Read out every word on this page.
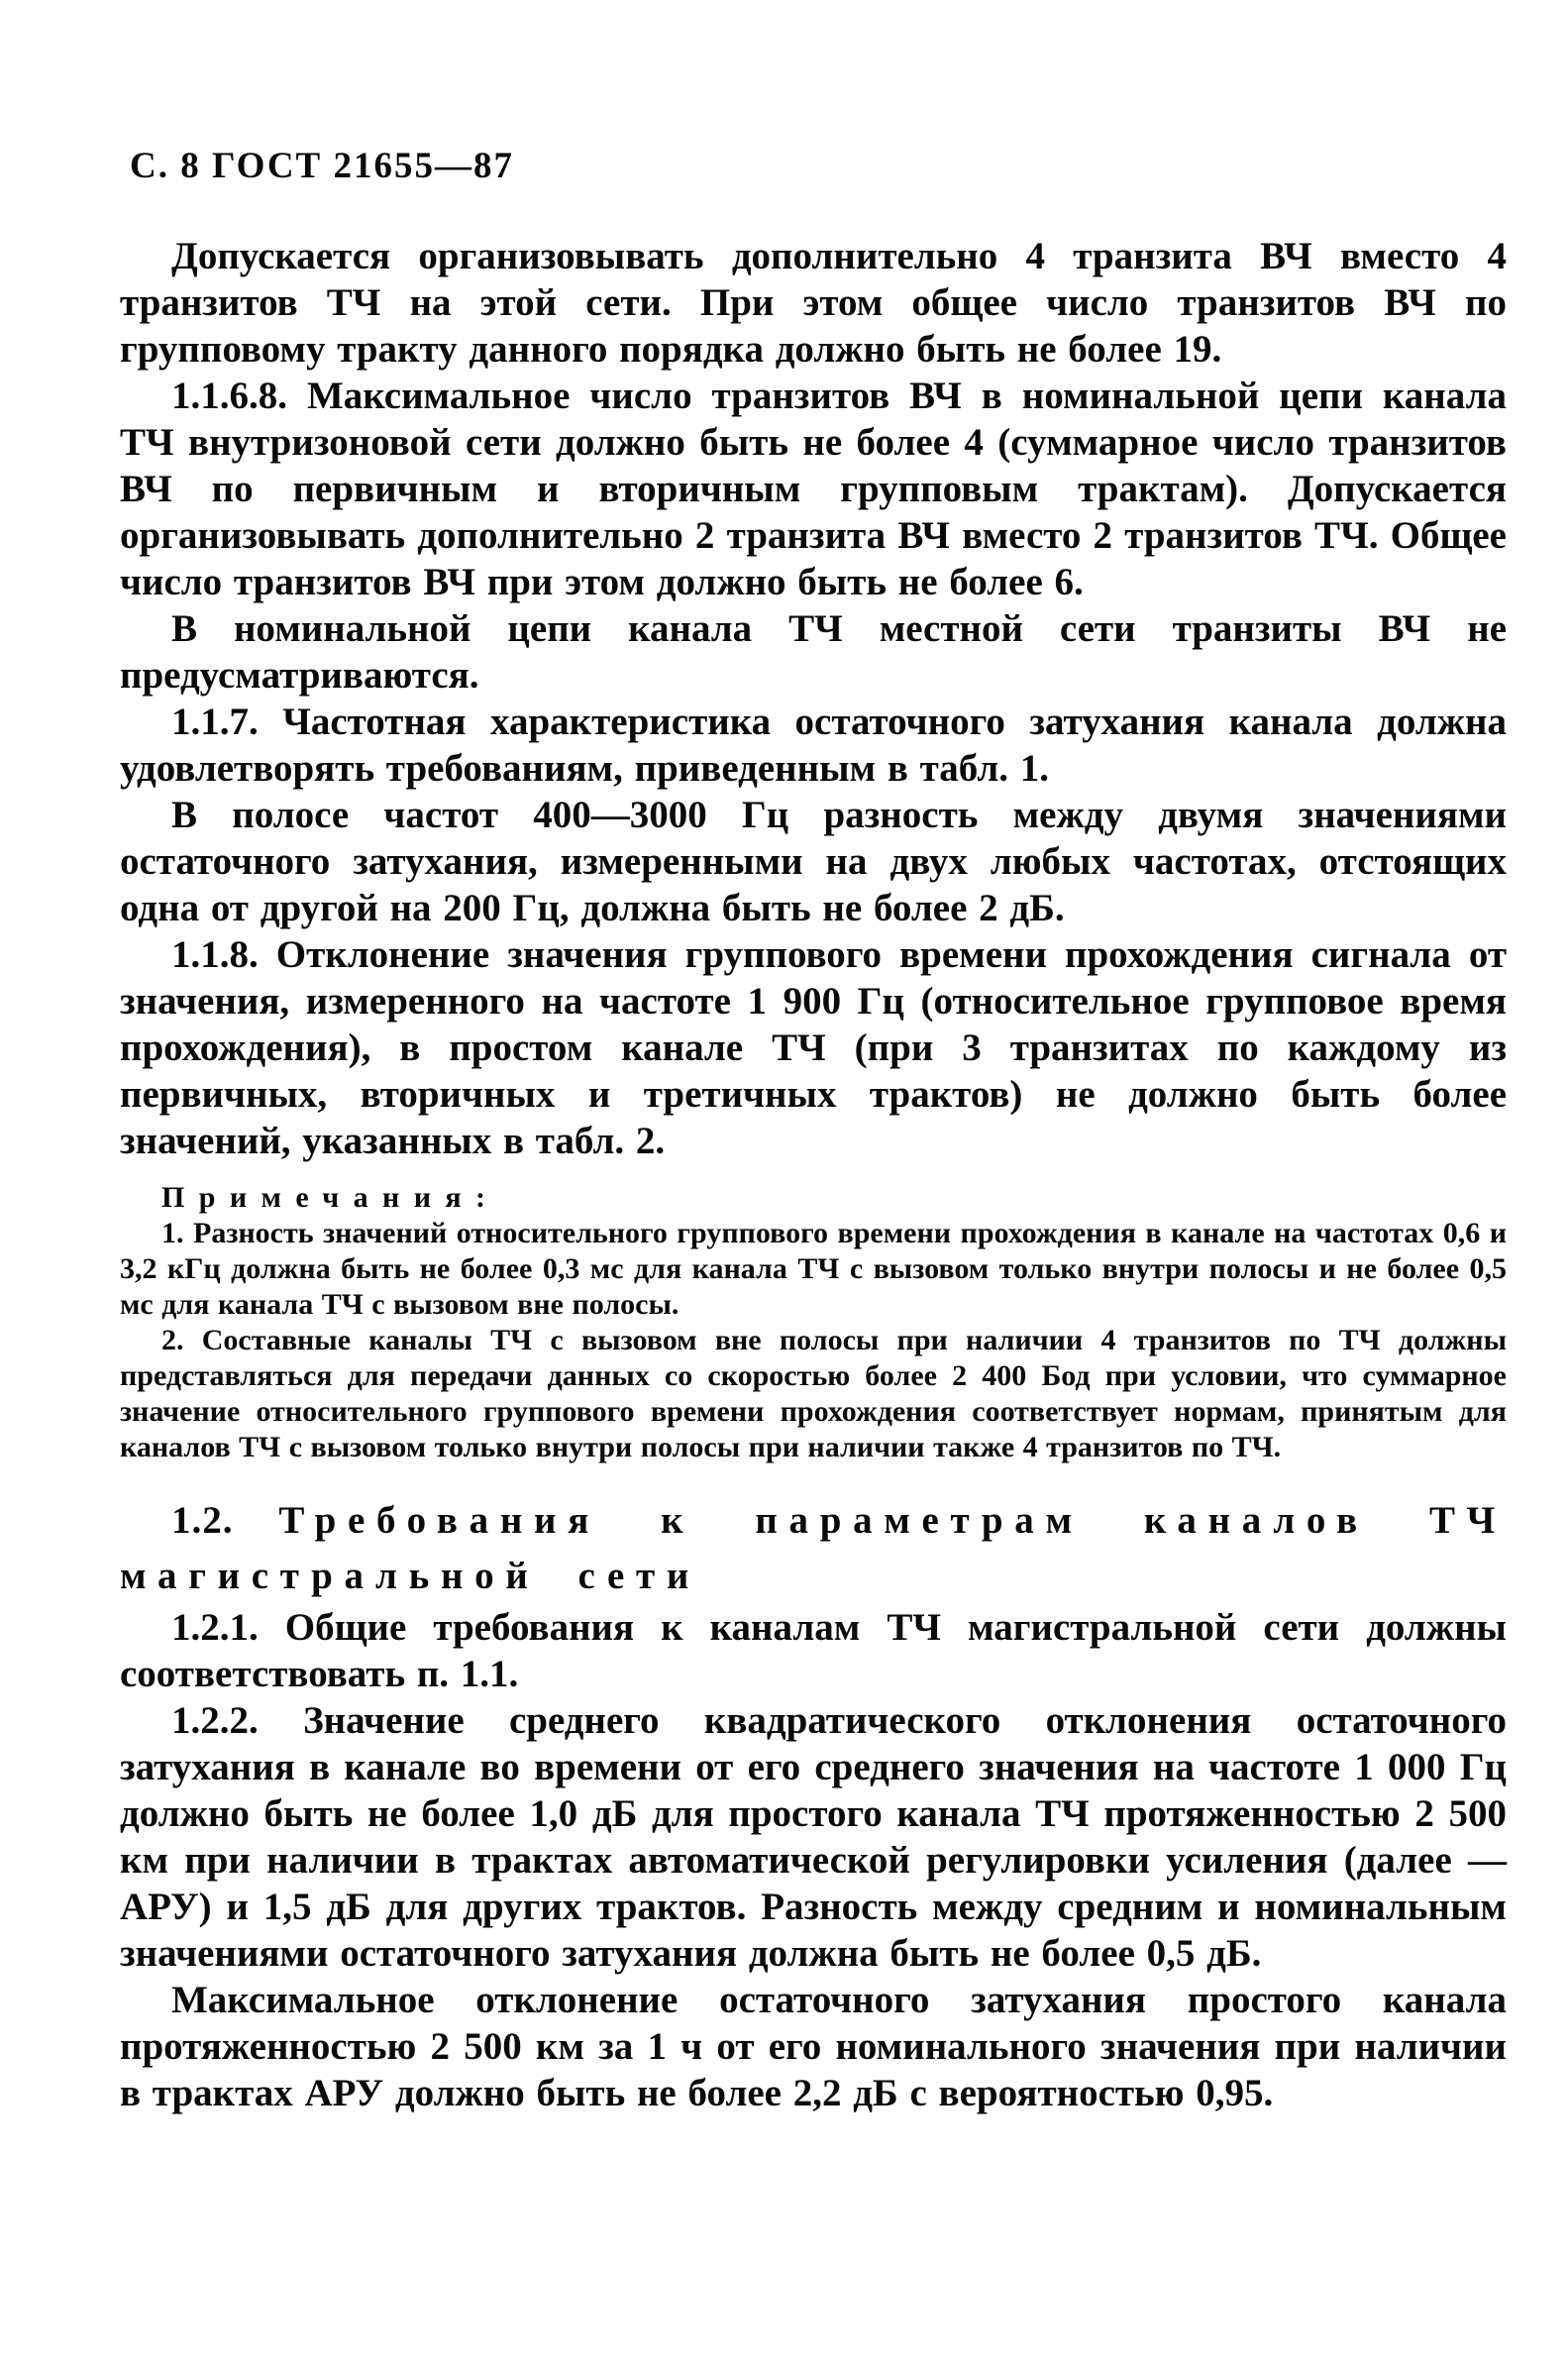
С. 8 ГОСТ 21655—87

Допускается организовывать дополнительно 4 транзита ВЧ вместо 4 транзитов ТЧ на этой сети. При этом общее число транзитов ВЧ по групповому тракту данного порядка должно быть не более 19.

1.1.6.8. Максимальное число транзитов ВЧ в номинальной цепи канала ТЧ внутризоновой сети должно быть не более 4 (суммарное число транзитов ВЧ по первичным и вторичным групповым трактам). Допускается организовывать дополнительно 2 транзита ВЧ вместо 2 транзитов ТЧ. Общее число транзитов ВЧ при этом должно быть не более 6.

В номинальной цепи канала ТЧ местной сети транзиты ВЧ не предусматриваются.

1.1.7. Частотная характеристика остаточного затухания канала должна удовлетворять требованиям, приведенным в табл. 1.

В полосе частот 400—3000 Гц разность между двумя значениями остаточного затухания, измеренными на двух любых частотах, отстоящих одна от другой на 200 Гц, должна быть не более 2 дБ.

1.1.8. Отклонение значения группового времени прохождения сигнала от значения, измеренного на частоте 1 900 Гц (относительное групповое время прохождения), в простом канале ТЧ (при 3 транзитах по каждому из первичных, вторичных и третичных трактов) не должно быть более значений, указанных в табл. 2.

Примечания:

1. Разность значений относительного группового времени прохождения в канале на частотах 0,6 и 3,2 кГц должна быть не более 0,3 мс для канала ТЧ с вызовом только внутри полосы и не более 0,5 мс для канала ТЧ с вызовом вне полосы.

2. Составные каналы ТЧ с вызовом вне полосы при наличии 4 транзитов по ТЧ должны представляться для передачи данных со скоростью более 2 400 Бод при условии, что суммарное значение относительного группового времени прохождения соответствует нормам, принятым для каналов ТЧ с вызовом только внутри полосы при наличии также 4 транзитов по ТЧ.

1.2. Требования к параметрам каналов ТЧ магистральной сети

1.2.1. Общие требования к каналам ТЧ магистральной сети должны соответствовать п. 1.1.

1.2.2. Значение среднего квадратического отклонения остаточного затухания в канале во времени от его среднего значения на частоте 1 000 Гц должно быть не более 1,0 дБ для простого канала ТЧ протяженностью 2 500 км при наличии в трактах автоматической регулировки усиления (далее — АРУ) и 1,5 дБ для других трактов. Разность между средним и номинальным значениями остаточного затухания должна быть не более 0,5 дБ.

Максимальное отклонение остаточного затухания простого канала протяженностью 2 500 км за 1 ч от его номинального значения при наличии в трактах АРУ должно быть не более 2,2 дБ с вероятностью 0,95.
